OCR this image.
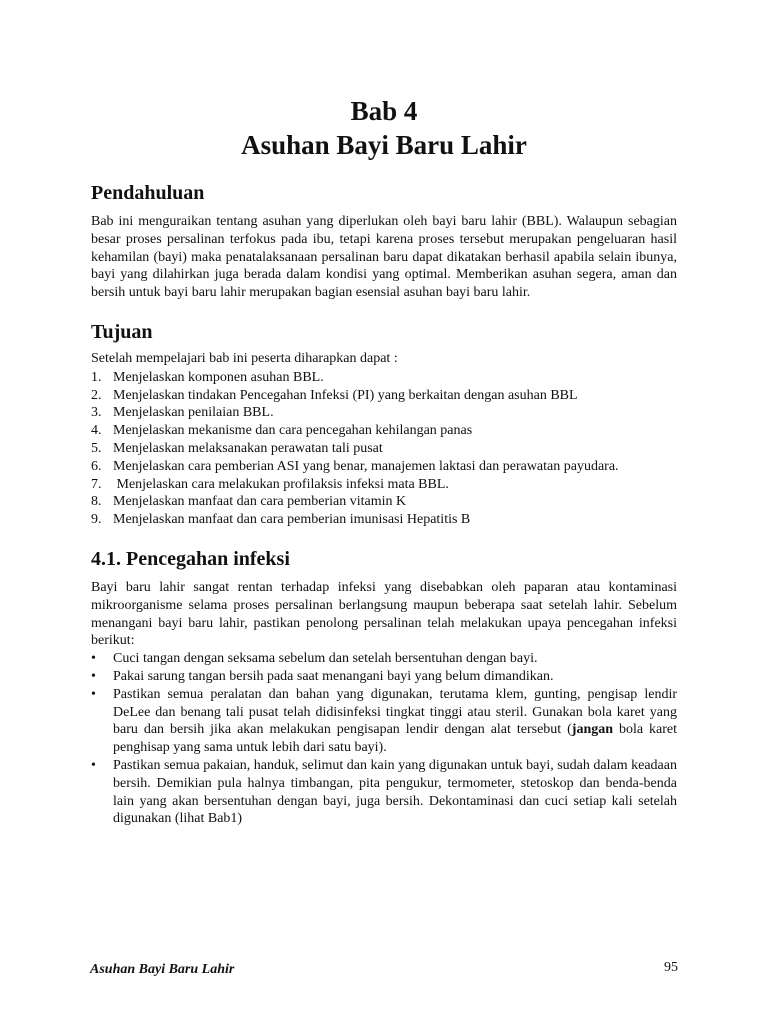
Bab 4
Asuhan Bayi Baru Lahir
Pendahuluan

Bab ini menguraikan tentang asuhan yang diperlukan oleh bayi baru lahir (BBL). Walaupun sebagian besar proses persalinan terfokus pada ibu, tetapi karena proses tersebut merupakan pengeluaran hasil kehamilan (bayi) maka penatalaksanaan persalinan baru dapat dikatakan berhasil apabila selain ibunya, bayi yang dilahirkan juga berada dalam kondisi yang optimal. Memberikan asuhan segera, aman dan bersih untuk bayi baru lahir merupakan bagian esensial asuhan bayi baru lahir.

Tujuan

Setelah mempelajari bab ini peserta diharapkan dapat :

1. Menjelaskan komponen asuhan BBL.
2. Menjelaskan tindakan Pencegahan Infeksi (PI) yang berkaitan dengan asuhan BBL
3. Menjelaskan penilaian BBL.
4. Menjelaskan mekanisme dan cara pencegahan kehilangan panas
5. Menjelaskan melaksanakan perawatan tali pusat
6. Menjelaskan cara pemberian ASI yang benar, manajemen laktasi dan perawatan payudara.
7. Menjelaskan cara melakukan profilaksis infeksi mata BBL.
8. Menjelaskan manfaat dan cara pemberian vitamin K
9. Menjelaskan manfaat dan cara pemberian imunisasi Hepatitis B
4.1. Pencegahan infeksi

Bayi baru lahir sangat rentan terhadap infeksi yang disebabkan oleh paparan atau kontaminasi mikroorganisme selama proses persalinan berlangsung maupun beberapa saat setelah lahir. Sebelum menangani bayi baru lahir, pastikan penolong persalinan telah melakukan upaya pencegahan infeksi berikut:

•	Cuci tangan dengan seksama sebelum dan setelah bersentuhan dengan bayi.
•	Pakai sarung tangan bersih pada saat menangani bayi yang belum dimandikan.
•	Pastikan semua peralatan dan bahan yang digunakan, terutama klem, gunting, pengisap lendir DeLee dan benang tali pusat telah didisinfeksi tingkat tinggi atau steril. Gunakan bola karet yang baru dan bersih jika akan melakukan pengisapan lendir dengan alat tersebut (jangan bola karet penghisap yang sama untuk lebih dari satu bayi).
•	Pastikan semua pakaian, handuk, selimut dan kain yang digunakan untuk bayi, sudah dalam keadaan bersih. Demikian pula halnya timbangan, pita pengukur, termometer, stetoskop dan benda-benda lain yang akan bersentuhan dengan bayi, juga bersih. Dekontaminasi dan cuci setiap kali setelah digunakan (lihat Bab1)
Asuhan Bayi Baru Lahir	95
